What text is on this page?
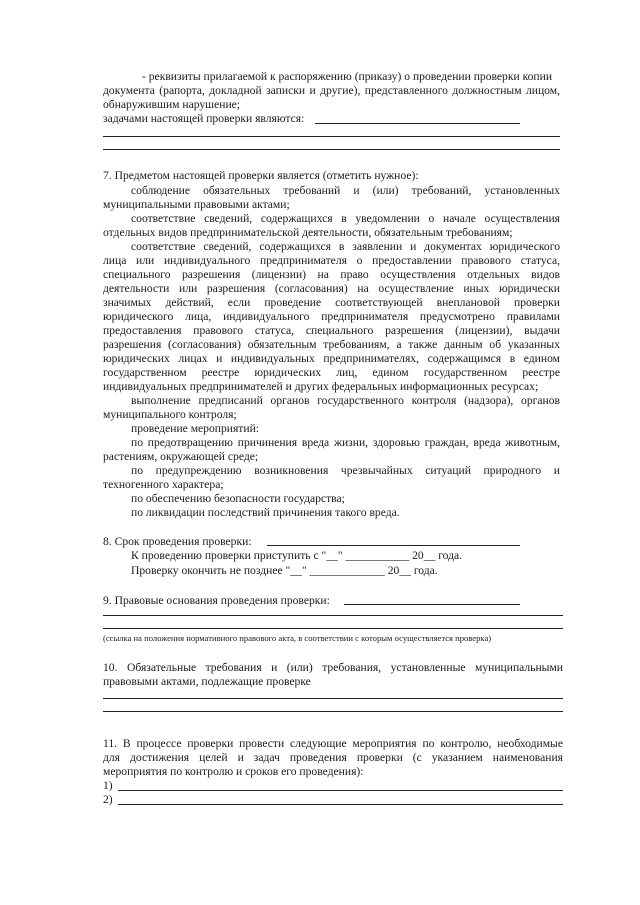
- реквизиты прилагаемой к распоряжению (приказу) о проведении проверки копии
документа (рапорта, докладной записки и другие), представленного должностным лицом,
обнаружившим нарушение;
задачами настоящей проверки являются:
7. Предметом настоящей проверки является (отметить нужное):
соблюдение обязательных требований и (или) требований, установленных
муниципальными правовыми актами;
соответствие сведений, содержащихся в уведомлении о начале осуществления
отдельных видов предпринимательской деятельности, обязательным требованиям;
соответствие сведений, содержащихся в заявлении и документах юридического
лица или индивидуального предпринимателя о предоставлении правового статуса,
специального разрешения (лицензии) на право осуществления отдельных видов
деятельности или разрешения (согласования) на осуществление иных юридически
значимых действий, если проведение соответствующей внеплановой проверки
юридического лица, индивидуального предпринимателя предусмотрено правилами
предоставления правового статуса, специального разрешения (лицензии), выдачи
разрешения (согласования) обязательным требованиям, а также данным об указанных
юридических лицах и индивидуальных предпринимателях, содержащимся в едином
государственном реестре юридических лиц, едином государственном реестре
индивидуальных предпринимателей и других федеральных информационных ресурсах;
выполнение предписаний органов государственного контроля (надзора), органов
муниципального контроля;
проведение мероприятий:
по предотвращению причинения вреда жизни, здоровью граждан, вреда животным,
растениям, окружающей среде;
по предупреждению возникновения чрезвычайных ситуаций природного и
техногенного характера;
по обеспечению безопасности государства;
по ликвидации последствий причинения такого вреда.
8. Срок проведения проверки:
К проведению проверки приступить с "__" ___________ 20__ года.
Проверку окончить не позднее "__" _____________ 20__ года.
9. Правовые основания проведения проверки:
(ссылка на положения нормативного правового акта, в соответствии с которым осуществляется проверка)
10. Обязательные требования и (или) требования, установленные муниципальными
правовыми актами, подлежащие проверке
11. В процессе проверки провести следующие мероприятия по контролю, необходимые
для достижения целей и задач проведения проверки (с указанием наименования
мероприятия по контролю и сроков его проведения):
1)
2)
